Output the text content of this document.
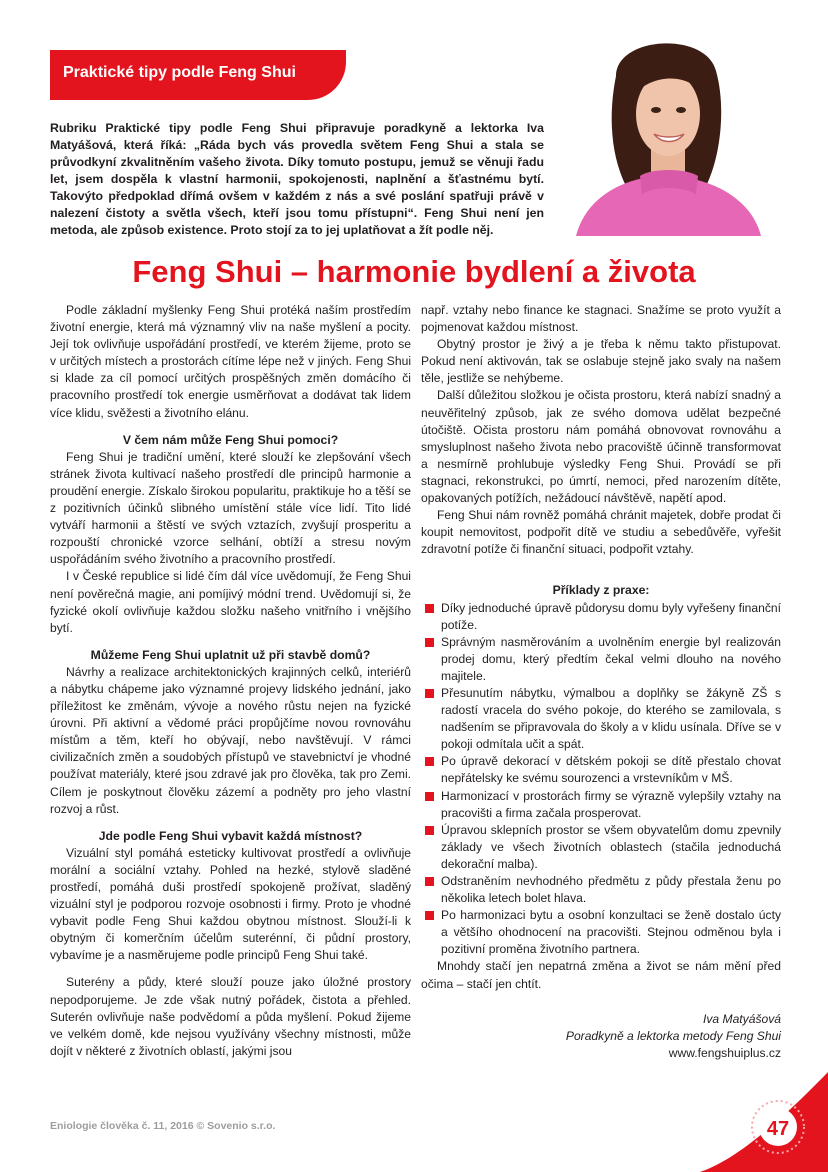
Praktické tipy podle Feng Shui
Rubriku Praktické tipy podle Feng Shui připravuje poradkyně a lektorka Iva Matyášová, která říká: „Ráda bych vás provedla světem Feng Shui a stala se průvodkyní zkvalitněním vašeho života. Díky tomuto postupu, jemuž se věnuji řadu let, jsem dospěla k vlastní harmonii, spokojenosti, naplnění a šťastnému bytí. Takovýto předpoklad dřímá ovšem v každém z nás a své poslání spatřuji právě v nalezení čistoty a světla všech, kteří jsou tomu přístupni“. Feng Shui není jen metoda, ale způsob existence. Proto stojí za to jej uplatňovat a žít podle něj.
Feng Shui – harmonie bydlení a života

Podle základní myšlenky Feng Shui protéká naším prostředím životní energie, která má významný vliv na naše myšlení a pocity. Její tok ovlivňuje uspořádání prostředí, ve kterém žijeme, proto se v určitých místech a prostorách cítíme lépe než v jiných. Feng Shui si klade za cíl pomocí určitých prospěšných změn domácího či pracovního prostředí tok energie usměrňovat a dodávat tak lidem více klidu, svěžesti a životního elánu.

V čem nám může Feng Shui pomoci?

Feng Shui je tradiční umění, které slouží ke zlepšování všech stránek života kultivací našeho prostředí dle principů harmonie a proudění energie. Získalo širokou popularitu, praktikuje ho a těší se z pozitivních účinků slibného umístění stále více lidí. Tito lidé vytváří harmonii a štěstí ve svých vztazích, zvyšují prosperitu a rozpouští chronické vzorce selhání, obtíží a stresu novým uspořádáním svého životního a pracovního prostředí.

I v České republice si lidé čím dál více uvědomují, že Feng Shui není pověrečná magie, ani pomíjivý módní trend. Uvědomují si, že fyzické okolí ovlivňuje každou složku našeho vnitřního i vnějšího bytí.

Můžeme Feng Shui uplatnit už při stavbě domů?

Návrhy a realizace architektonických krajinných celků, interiérů a nábytku chápeme jako významné projevy lidského jednání, jako příležitost ke změnám, vývoje a nového růstu nejen na fyzické úrovni. Při aktivní a vědomé práci propůjčíme novou rovnováhu místům a těm, kteří ho obývají, nebo navštěvují. V rámci civilizačních změn a soudobých přístupů ve stavebnictví je vhodné používat materiály, které jsou zdravé jak pro člověka, tak pro Zemi. Cílem je poskytnout člověku zázemí a podněty pro jeho vlastní rozvoj a růst.

Jde podle Feng Shui vybavit každá místnost?

Vizuální styl pomáhá esteticky kultivovat prostředí a ovlivňuje morální a sociální vztahy. Pohled na hezké, stylově sladěné prostředí, pomáhá duši prostředí spokojeně prožívat, sladěný vizuální styl je podporou rozvoje osobnosti i firmy. Proto je vhodné vybavit podle Feng Shui každou obytnou místnost. Slouží-li k obytným či komerčním účelům suterénní, či půdní prostory, vybavíme je a nasměrujeme podle principů Feng Shui také.

Suterény a půdy, které slouží pouze jako úložné prostory nepodporujeme. Je zde však nutný pořádek, čistota a přehled. Suterén ovlivňuje naše podvědomí a půda myšlení. Pokud žijeme ve velkém domě, kde nejsou využívány všechny místnosti, může dojít v některé z životních oblastí, jakými jsou

např. vztahy nebo finance ke stagnaci. Snažíme se proto využít a pojmenovat každou místnost.

Obytný prostor je živý a je třeba k němu takto přistupovat. Pokud není aktivován, tak se oslabuje stejně jako svaly na našem těle, jestliže se nehýbeme.

Další důležitou složkou je očista prostoru, která nabízí snadný a neuvěřitelný způsob, jak ze svého domova udělat bezpečné útočiště. Očista prostoru nám pomáhá obnovovat rovnováhu a smysluplnost našeho života nebo pracoviště účinně transformovat a nesmírně prohlubuje výsledky Feng Shui. Provádí se při stagnaci, rekonstrukci, po úmrtí, nemoci, před narozením dítěte, opakovaných potížích, nežádoucí návštěvě, napětí apod.

Feng Shui nám rovněž pomáhá chránit majetek, dobře prodat či koupit nemovitost, podpořit dítě ve studiu a sebedůvěře, vyřešit zdravotní potíže či finanční situaci, podpořit vztahy.

Příklady z praxe:
Díky jednoduché úpravě půdorysu domu byly vyřešeny finanční potíže.
Správným nasměrováním a uvolněním energie byl realizován prodej domu, který předtím čekal velmi dlouho na nového majitele.
Přesunutím nábytku, výmalbou a doplňky se žákyně ZŠ s radostí vracela do svého pokoje, do kterého se zamilovala, s nadšením se připravovala do školy a v klidu usínala. Dříve se v pokoji odmítala učit a spát.
Po úpravě dekorací v dětském pokoji se dítě přestalo chovat nepřátelsky ke svému sourozenci a vrstevníkům v MŠ.
Harmonizací v prostorách firmy se výrazně vylepšily vztahy na pracovišti a firma začala prosperovat.
Úpravou sklepních prostor se všem obyvatelům domu zpevnily základy ve všech životních oblastech (stačila jednoduchá dekorační malba).
Odstraněním nevhodného předmětu z půdy přestala ženu po několika letech bolet hlava.
Po harmonizaci bytu a osobní konzultaci se ženě dostalo úcty a většího ohodnocení na pracovišti. Stejnou odměnou byla i pozitivní proměna životního partnera.

Mnohdy stačí jen nepatrná změna a život se nám mění před očima – stačí jen chtít.

Iva Matyášová
Poradkyně a lektorka metody Feng Shui
www.fengshuiplus.cz
Eniologie člověka č. 11, 2016 © Sovenio s.r.o.	47
